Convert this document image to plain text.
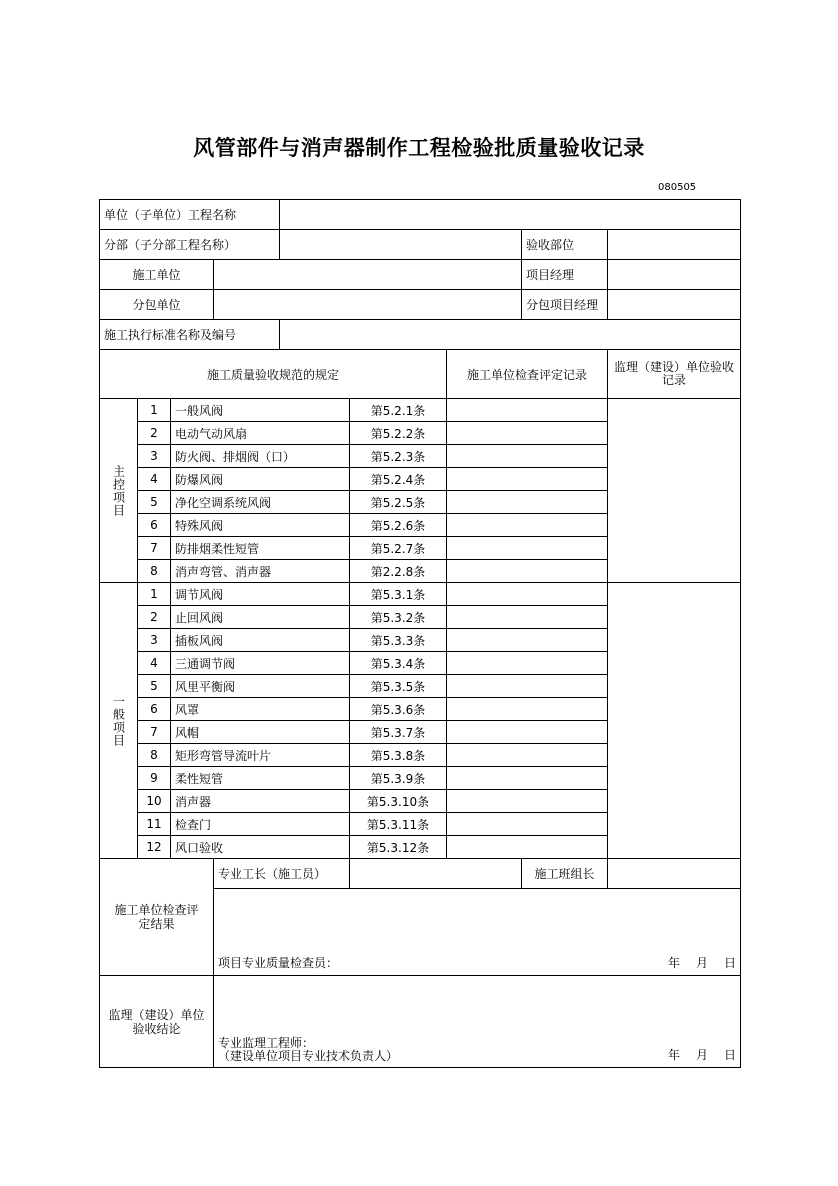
风管部件与消声器制作工程检验批质量验收记录
080505
单位（子单位）工程名称								
分部（子分部工程名称）							验收部位	
施工单位							项目经理	
分包单位							分包项目经理	
施工执行标准名称及编号								
施工质量验收规范的规定						施工单位检查评定记录		监理（建设）单位验收记录

主控项目	1	一般风阀			第5.2.1条			
	2	电动气动风扇			第5.2.2条			
	3	防火阀、排烟阀（口）			第5.2.3条			
	4	防爆风阀			第5.2.4条			
	5	净化空调系统风阀			第5.2.5条			
	6	特殊风阀			第5.2.6条			
	7	防排烟柔性短管			第5.2.7条			
	8	消声弯管、消声器			第2.2.8条			

一般项目	1	调节风阀			第5.3.1条			
	2	止回风阀			第5.3.2条			
	3	插板风阀			第5.3.3条			
	4	三通调节阀			第5.3.4条			
	5	风里平衡阀			第5.3.5条			
	6	风罩			第5.3.6条			
	7	风帽			第5.3.7条			
	8	矩形弯管导流叶片			第5.3.8条			
	9	柔性短管			第5.3.9条			
	10	消声器			第5.3.10条			
	11	检查门			第5.3.11条			
	12	风口验收			第5.3.12条			

施工单位检查评定结果			专业工长（施工员）				施工班组长	

			项目专业质量检查员： 年 月 日					

监理（建设）单位验收结论			专业监理工程师：
（建设单位项目专业技术负责人） 年 月 日					
